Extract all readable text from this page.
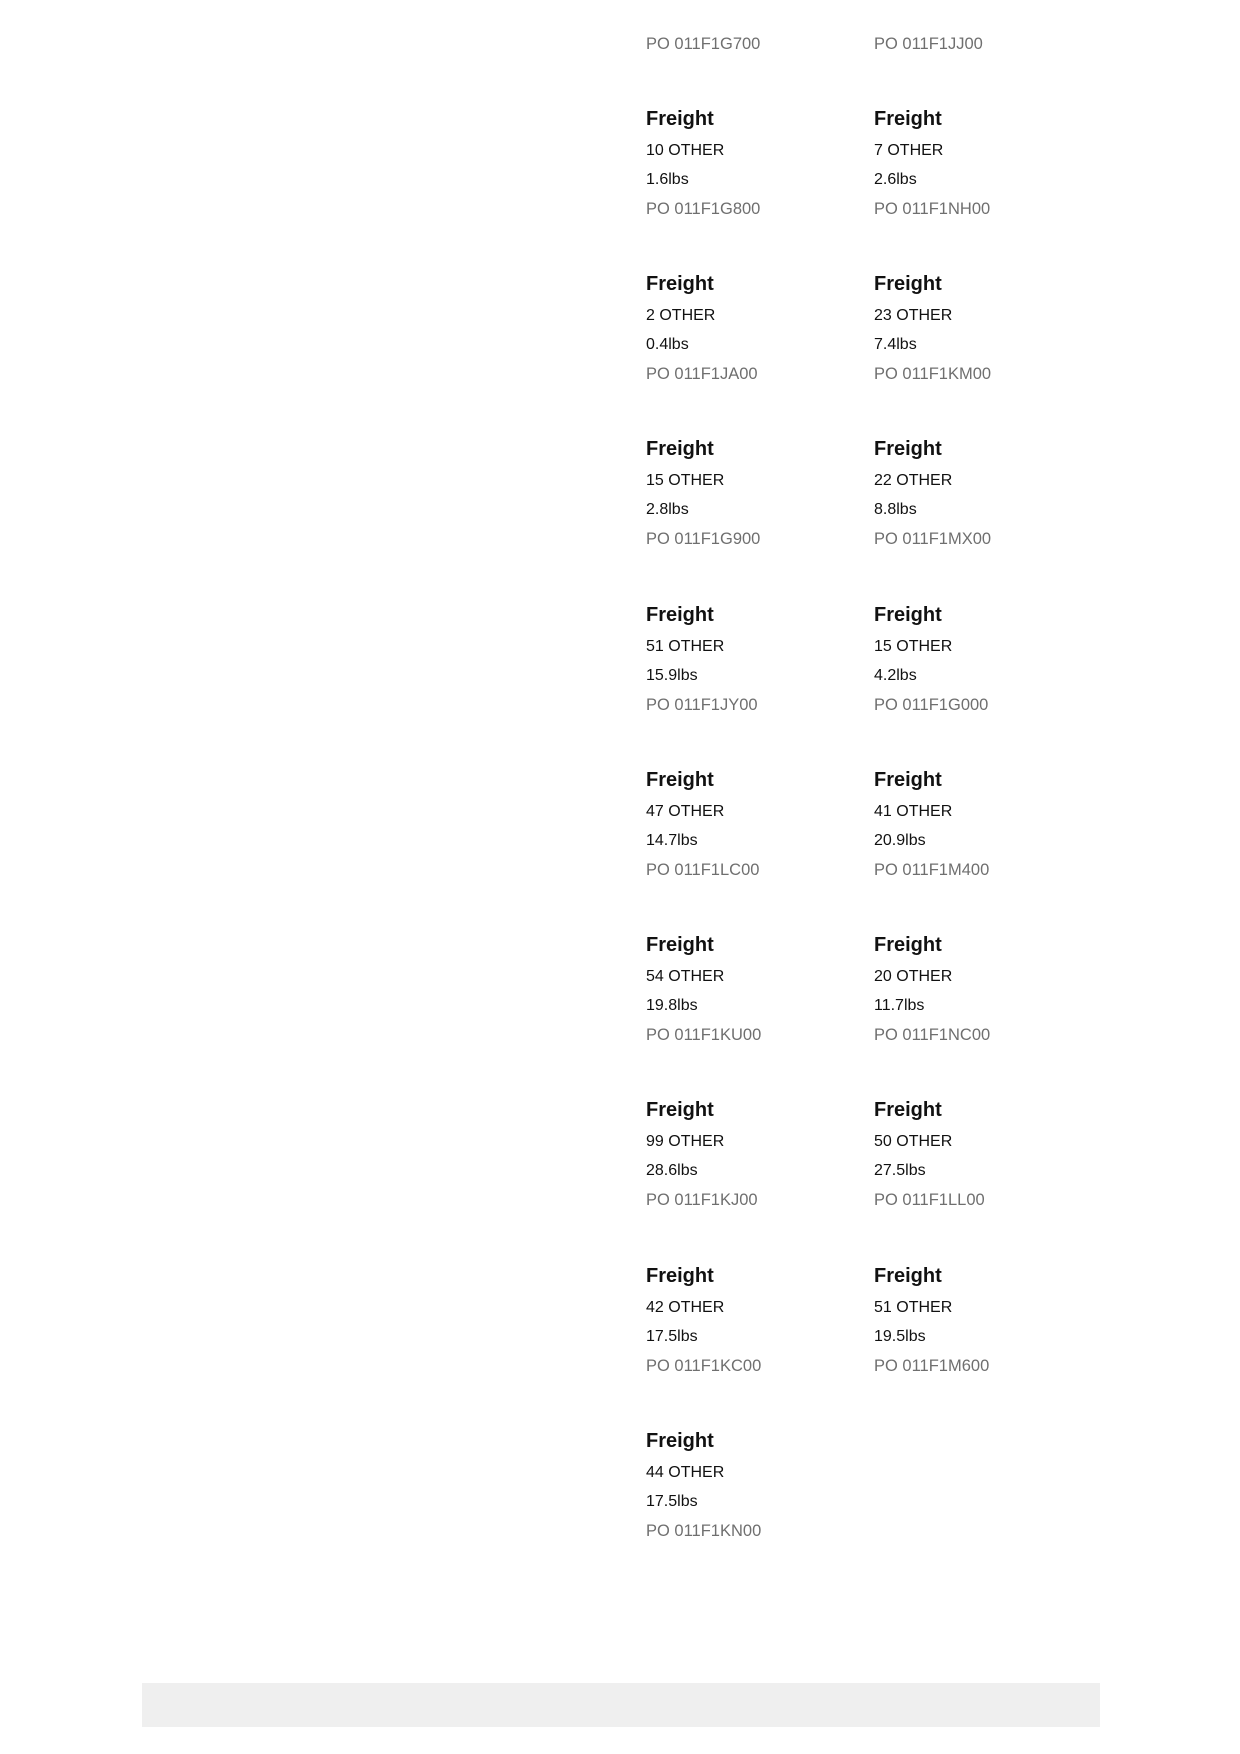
PO 011F1G700	PO 011F1JJ00
Freight
10 OTHER
1.6lbs
PO 011F1G800
Freight
7 OTHER
2.6lbs
PO 011F1NH00
Freight
2 OTHER
0.4lbs
PO 011F1JA00
Freight
23 OTHER
7.4lbs
PO 011F1KM00
Freight
15 OTHER
2.8lbs
PO 011F1G900
Freight
22 OTHER
8.8lbs
PO 011F1MX00
Freight
51 OTHER
15.9lbs
PO 011F1JY00
Freight
15 OTHER
4.2lbs
PO 011F1G000
Freight
47 OTHER
14.7lbs
PO 011F1LC00
Freight
41 OTHER
20.9lbs
PO 011F1M400
Freight
54 OTHER
19.8lbs
PO 011F1KU00
Freight
20 OTHER
11.7lbs
PO 011F1NC00
Freight
99 OTHER
28.6lbs
PO 011F1KJ00
Freight
50 OTHER
27.5lbs
PO 011F1LL00
Freight
42 OTHER
17.5lbs
PO 011F1KC00
Freight
51 OTHER
19.5lbs
PO 011F1M600
Freight
44 OTHER
17.5lbs
PO 011F1KN00
